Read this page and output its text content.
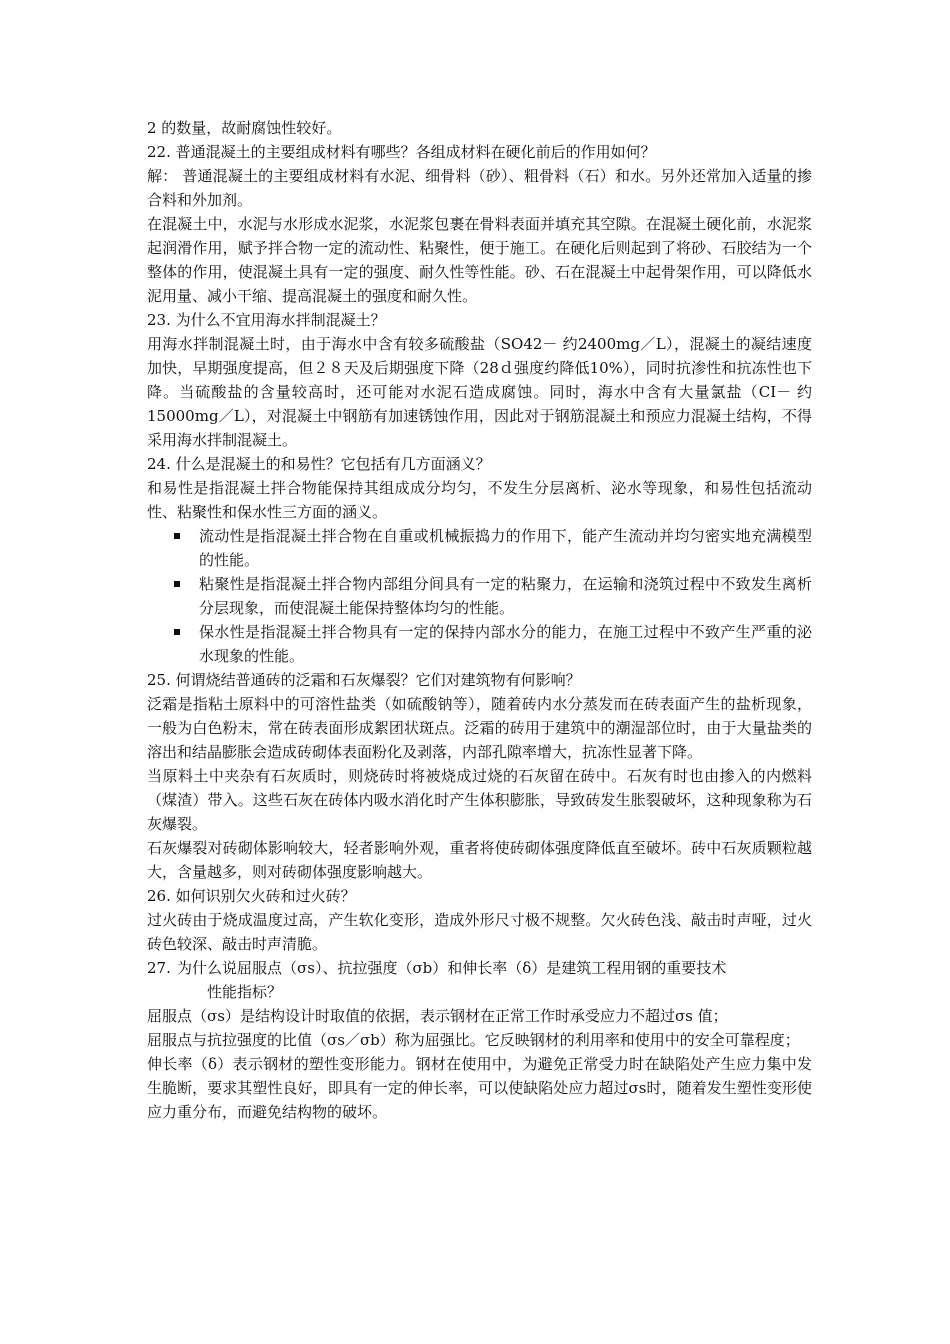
2 的数量，故耐腐蚀性较好。

22. 普通混凝土的主要组成材料有哪些？各组成材料在硬化前后的作用如何？

解： 普通混凝土的主要组成材料有水泥、细骨料（砂）、粗骨料（石）和水。另外还常加入适量的掺合料和外加剂。

在混凝土中，水泥与水形成水泥浆，水泥浆包裹在骨料表面并填充其空隙。在混凝土硬化前，水泥浆起润滑作用，赋予拌合物一定的流动性、粘聚性，便于施工。在硬化后则起到了将砂、石胶结为一个整体的作用，使混凝土具有一定的强度、耐久性等性能。砂、石在混凝土中起骨架作用，可以降低水泥用量、减小干缩、提高混凝土的强度和耐久性。

23. 为什么不宜用海水拌制混凝土？

用海水拌制混凝土时，由于海水中含有较多硫酸盐（SO42－ 约2400mg／L），混凝土的凝结速度加快，早期强度提高，但２８天及后期强度下降（28ｄ强度约降低10%），同时抗渗性和抗冻性也下降。当硫酸盐的含量较高时，还可能对水泥石造成腐蚀。同时，海水中含有大量氯盐（CI－ 约 15000mg／L），对混凝土中钢筋有加速锈蚀作用，因此对于钢筋混凝土和预应力混凝土结构，不得采用海水拌制混凝土。

24. 什么是混凝土的和易性？它包括有几方面涵义？

和易性是指混凝土拌合物能保持其组成成分均匀，不发生分层离析、泌水等现象，和易性包括流动性、粘聚性和保水性三方面的涵义。

流动性是指混凝土拌合物在自重或机械振捣力的作用下，能产生流动并均匀密实地充满模型的性能。
粘聚性是指混凝土拌合物内部组分间具有一定的粘聚力，在运输和浇筑过程中不致发生离析分层现象，而使混凝土能保持整体均匀的性能。
保水性是指混凝土拌合物具有一定的保持内部水分的能力，在施工过程中不致产生严重的泌水现象的性能。

25. 何谓烧结普通砖的泛霜和石灰爆裂？它们对建筑物有何影响？

泛霜是指粘土原料中的可溶性盐类（如硫酸钠等），随着砖内水分蒸发而在砖表面产生的盐析现象，一般为白色粉末，常在砖表面形成絮团状斑点。泛霜的砖用于建筑中的潮湿部位时，由于大量盐类的溶出和结晶膨胀会造成砖砌体表面粉化及剥落，内部孔隙率增大，抗冻性显著下降。

当原料土中夹杂有石灰质时，则烧砖时将被烧成过烧的石灰留在砖中。石灰有时也由掺入的内燃料（煤渣）带入。这些石灰在砖体内吸水消化时产生体积膨胀，导致砖发生胀裂破坏，这种现象称为石灰爆裂。

石灰爆裂对砖砌体影响较大，轻者影响外观，重者将使砖砌体强度降低直至破坏。砖中石灰质颗粒越大，含量越多，则对砖砌体强度影响越大。

26. 如何识别欠火砖和过火砖？

过火砖由于烧成温度过高，产生软化变形，造成外形尺寸极不规整。欠火砖色浅、敲击时声哑，过火砖色较深、敲击时声清脆。

27. 为什么说屈服点（σs）、抗拉强度（σb）和伸长率（δ）是建筑工程用钢的重要技术
性能指标？

屈服点（σs）是结构设计时取值的依据，表示钢材在正常工作时承受应力不超过σs 值；

屈服点与抗拉强度的比值（σs／σb）称为屈强比。它反映钢材的利用率和使用中的安全可靠程度；

伸长率（δ）表示钢材的塑性变形能力。钢材在使用中，为避免正常受力时在缺陷处产生应力集中发生脆断，要求其塑性良好，即具有一定的伸长率，可以使缺陷处应力超过σs时，随着发生塑性变形使应力重分布，而避免结构物的破坏。
